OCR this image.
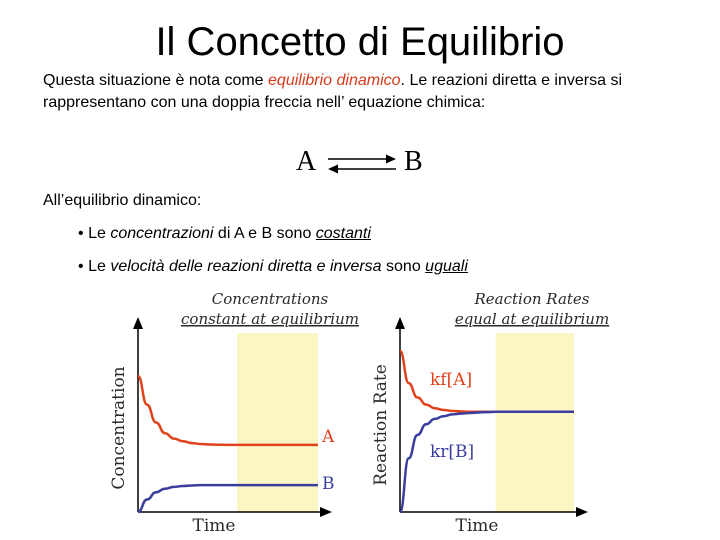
Il Concetto di Equilibrio
Questa situazione è nota come equilibrio dinamico. Le reazioni diretta e inversa si rappresentano con una doppia freccia nell’ equazione chimica:
A	B
All’equilibrio dinamico:
• Le concentrazioni di A e B sono costanti
• Le velocità delle reazioni diretta e inversa sono uguali
Concentrations
constant at equilibrium
Time
Concentration	A
B
Reaction Rates
equal at equilibrium
Time
Reaction Rate kf[A]
kr[B]
